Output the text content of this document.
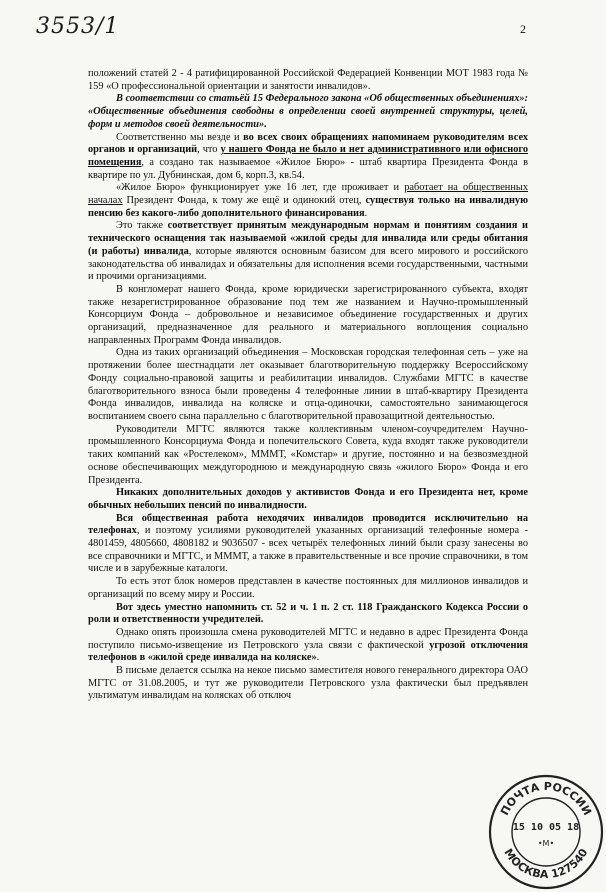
3553/1	2

положений статей 2 - 4 ратифицированной Российской Федерацией Конвенции МОТ 1983 года № 159 «О профессиональной ориентации и занятости инвалидов».

В соответствии со статьёй 15 Федерального закона «Об общественных объединениях»: «Общественные объединения свободны в определении своей внутренней структуры, целей, форм и методов своей деятельности».

Соответственно мы везде и во всех своих обращениях напоминаем руководителям всех органов и организаций, что у нашего Фонда не было и нет административного или офисного помещения, а создано так называемое «Жилое Бюро» - штаб квартира Президента Фонда в квартире по ул. Дубнинская, дом 6, корп.3, кв.54.

«Жилое Бюро» функционирует уже 16 лет, где проживает и работает на общественных началах Президент Фонда, к тому же ещё и одинокий отец, существуя только на инвалидную пенсию без какого-либо дополнительного финансирования.

Это также соответствует принятым международным нормам и понятиям создания и технического оснащения так называемой «жилой среды для инвалида или среды обитания (и работы) инвалида, которые являются основным базисом для всего мирового и российского законодательства об инвалидах и обязательны для исполнения всеми государственными, частными и прочими организациями.

В конгломерат нашего Фонда, кроме юридически зарегистрированного субъекта, входят также незарегистрированное образование под тем же названием и Научно-промышленный Консорциум Фонда – добровольное и независимое объединение государственных и других организаций, предназначенное для реального и материального воплощения социально направленных Программ Фонда инвалидов.

Одна из таких организаций объединения – Московская городская телефонная сеть – уже на протяжении более шестнадцати лет оказывает благотворительную поддержку Всероссийскому Фонду социально-правовой защиты и реабилитации инвалидов. Службами МГТС в качестве благотворительного взноса были проведены 4 телефонные линии в штаб-квартиру Президента Фонда инвалидов, инвалида на коляске и отца-одиночки, самостоятельно занимающегося воспитанием своего сына параллельно с благотворительной правозащитной деятельностью.

Руководители МГТС являются также коллективным членом-соучредителем Научно-промышленного Консорциума Фонда и попечительского Совета, куда входят также руководители таких компаний как «Ростелеком», МММТ, «Комстар» и другие, постоянно и на безвозмездной основе обеспечивающих междугороднюю и международную связь «жилого Бюро» Фонда и его Президента.

Никаких дополнительных доходов у активистов Фонда и его Президента нет, кроме обычных небольших пенсий по инвалидности.

Вся общественная работа неходячих инвалидов проводится исключительно на телефонах, и поэтому усилиями руководителей указанных организаций телефонные номера - 4801459, 4805660, 4808182 и 9036507 - всех четырёх телефонных линий были сразу занесены во все справочники и МГТС, и МММТ, а также в правительственные и все прочие справочники, в том числе и в зарубежные каталоги.

То есть этот блок номеров представлен в качестве постоянных для миллионов инвалидов и организаций по всему миру и России.

Вот здесь уместно напомнить ст. 52 и ч. 1 п. 2 ст. 118 Гражданского Кодекса России о роли и ответственности учредителей.

Однако опять произошла смена руководителей МГТС и недавно в адрес Президента Фонда поступило письмо-извещение из Петровского узла связи с фактической угрозой отключения телефонов в «жилой среде инвалида на коляске».

В письме делается ссылка на некое письмо заместителя нового генерального директора ОАО МГТС от 31.08.2005, и тут же руководители Петровского узла фактически был предъявлен ультиматум инвалидам на колясках об отключ

ПОЧТА РОССИИ
МОСКВА 127540
15 10 05 18
•M•
